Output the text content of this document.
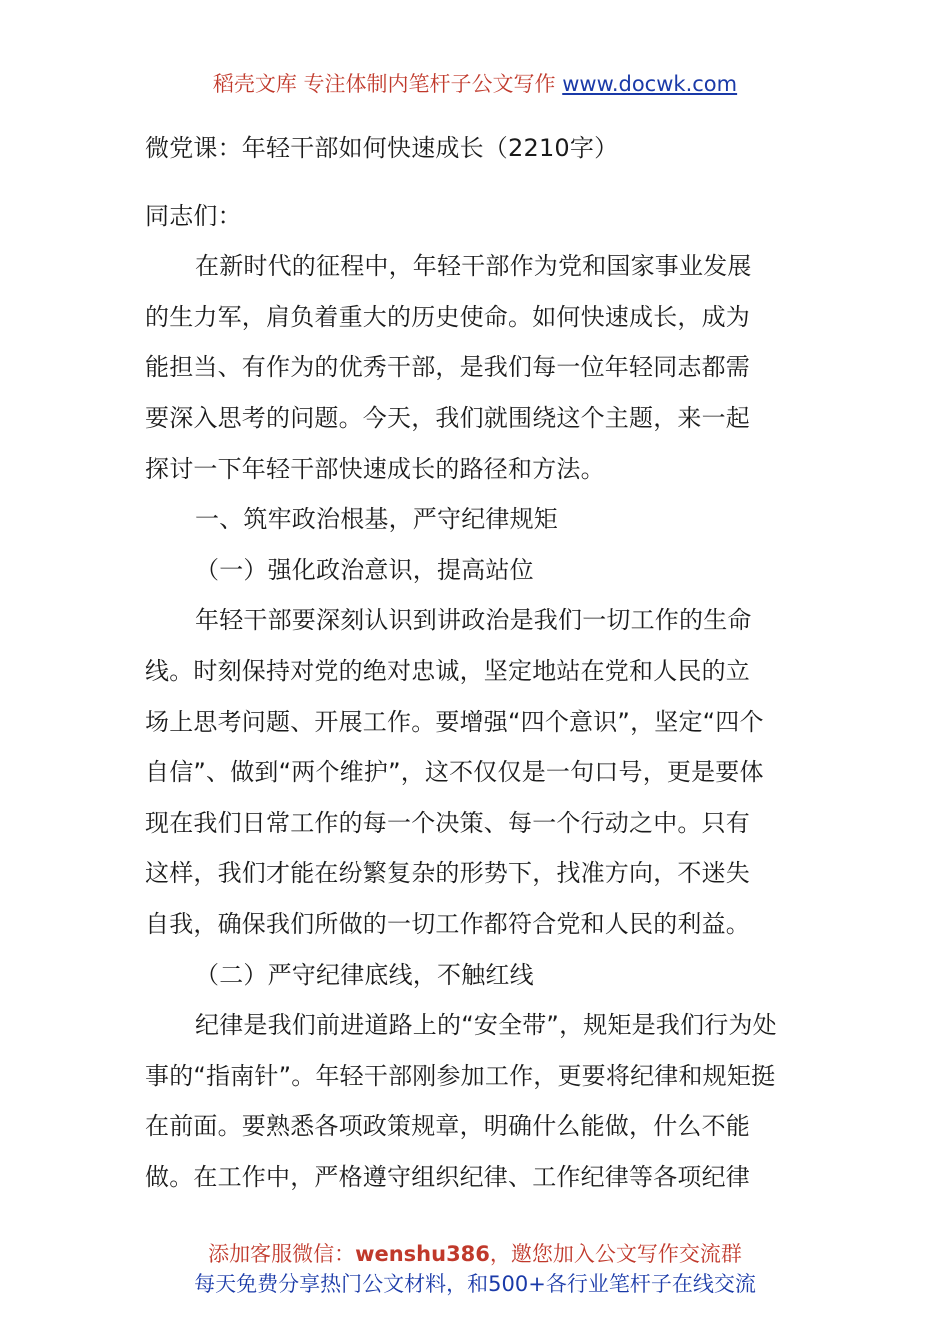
稻壳文库 专注体制内笔杆子公文写作 www.docwk.com

微党课：年轻干部如何快速成长（2210字）

同志们：

在新时代的征程中，年轻干部作为党和国家事业发展

的生力军，肩负着重大的历史使命。如何快速成长，成为

能担当、有作为的优秀干部，是我们每一位年轻同志都需

要深入思考的问题。今天，我们就围绕这个主题，来一起

探讨一下年轻干部快速成长的路径和方法。

一、筑牢政治根基，严守纪律规矩

（一）强化政治意识，提高站位

年轻干部要深刻认识到讲政治是我们一切工作的生命

线。时刻保持对党的绝对忠诚，坚定地站在党和人民的立

场上思考问题、开展工作。要增强“四个意识”，坚定“四个

自信”、做到“两个维护”，这不仅仅是一句口号，更是要体

现在我们日常工作的每一个决策、每一个行动之中。只有

这样，我们才能在纷繁复杂的形势下，找准方向，不迷失

自我，确保我们所做的一切工作都符合党和人民的利益。

（二）严守纪律底线，不触红线

纪律是我们前进道路上的“安全带”，规矩是我们行为处

事的“指南针”。年轻干部刚参加工作，更要将纪律和规矩挺

在前面。要熟悉各项政策规章，明确什么能做，什么不能

做。在工作中，严格遵守组织纪律、工作纪律等各项纪律

添加客服微信：wenshu386，邀您加入公文写作交流群
每天免费分享热门公文材料，和500+各行业笔杆子在线交流
